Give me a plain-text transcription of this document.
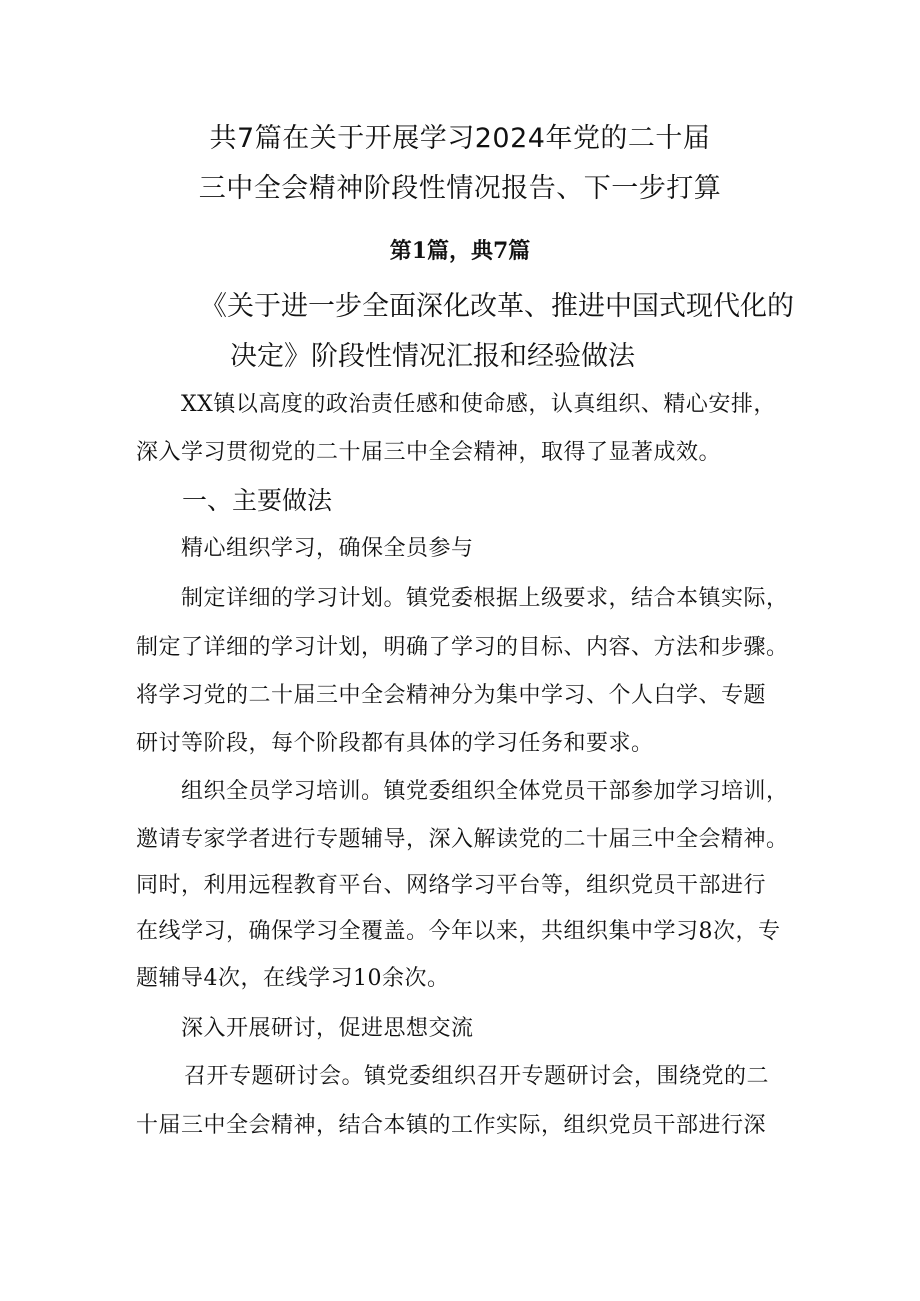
共7篇在关于开展学习2024年党的二十届

三中全会精神阶段性情况报告、下一步打算

第1篇，典7篇

《关于进一步全面深化改革、推进中国式现代化的

决定》阶段性情况汇报和经验做法

XX镇以高度的政治责任感和使命感，认真组织、精心安排，

深入学习贯彻党的二十届三中全会精神，取得了显著成效。

一、主要做法

精心组织学习，确保全员参与

制定详细的学习计划。镇党委根据上级要求，结合本镇实际，

制定了详细的学习计划，明确了学习的目标、内容、方法和步骤。

将学习党的二十届三中全会精神分为集中学习、个人白学、专题

研讨等阶段，每个阶段都有具体的学习任务和要求。

组织全员学习培训。镇党委组织全体党员干部参加学习培训，

邀请专家学者进行专题辅导，深入解读党的二十届三中全会精神。

同时，利用远程教育平台、网络学习平台等，组织党员干部进行

在线学习，确保学习全覆盖。今年以来，共组织集中学习8次，专

题辅导4次，在线学习10余次。

深入开展研讨，促进思想交流

召开专题研讨会。镇党委组织召开专题研讨会，围绕党的二

十届三中全会精神，结合本镇的工作实际，组织党员干部进行深
